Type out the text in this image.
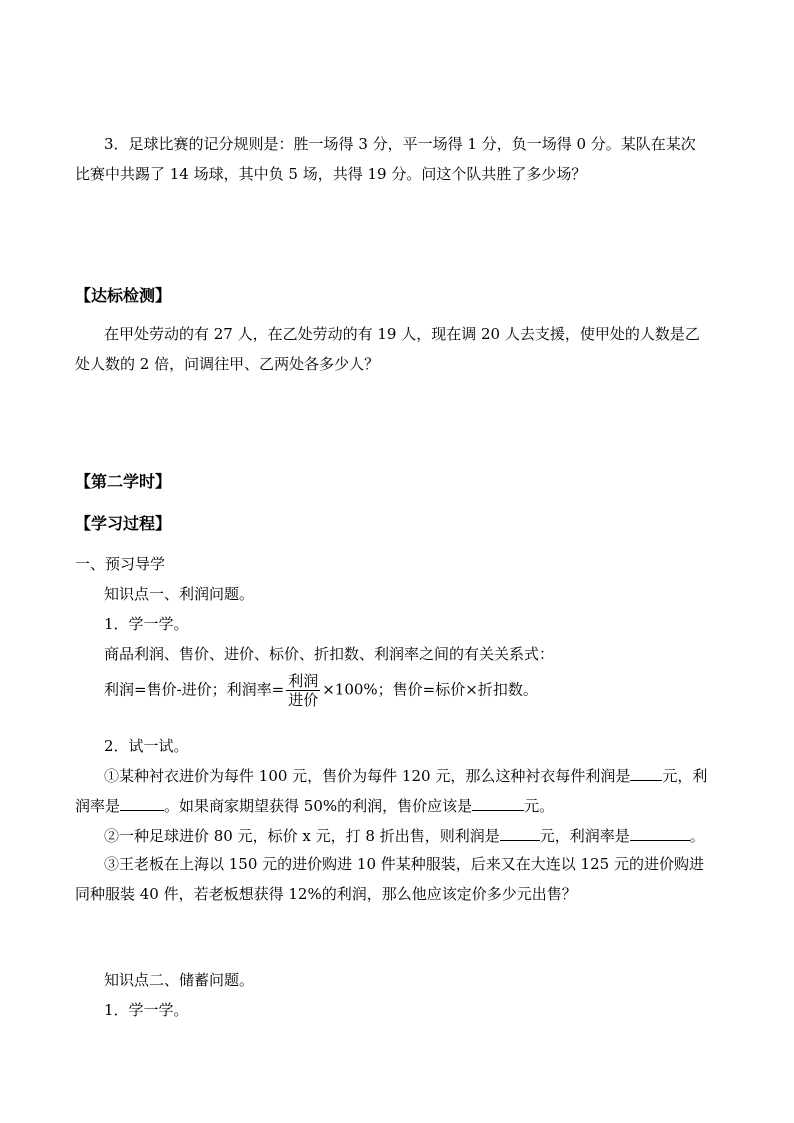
3．足球比赛的记分规则是：胜一场得 3 分，平一场得 1 分，负一场得 0 分。某队在某次
比赛中共踢了 14 场球，其中负 5 场，共得 19 分。问这个队共胜了多少场？
【达标检测】
在甲处劳动的有 27 人，在乙处劳动的有 19 人，现在调 20 人去支援，使甲处的人数是乙
处人数的 2 倍，问调往甲、乙两处各多少人？
【第二学时】
【学习过程】
一、预习导学
知识点一、利润问题。
1．学一学。
商品利润、售价、进价、标价、折扣数、利润率之间的有关关系式：
利润=售价-进价；利润率= $\frac{\text{利润}}{\text{进价}} \times 100\%$；售价=标价×折扣数。
2．试一试。
①某种衬衣进价为每件 100 元，售价为每件 120 元，那么这种衬衣每件利润是 元，利
润率是	。如果商家期望获得 50%的利润，售价应该是	元。
②一种足球进价 80 元，标价 x 元，打 8 折出售，则利润是	元，利润率是	。
③王老板在上海以 150 元的进价购进 10 件某种服装，后来又在大连以 125 元的进价购进
同种服装 40 件，若老板想获得 12%的利润，那么他应该定价多少元出售？
知识点二、储蓄问题。
1．学一学。
